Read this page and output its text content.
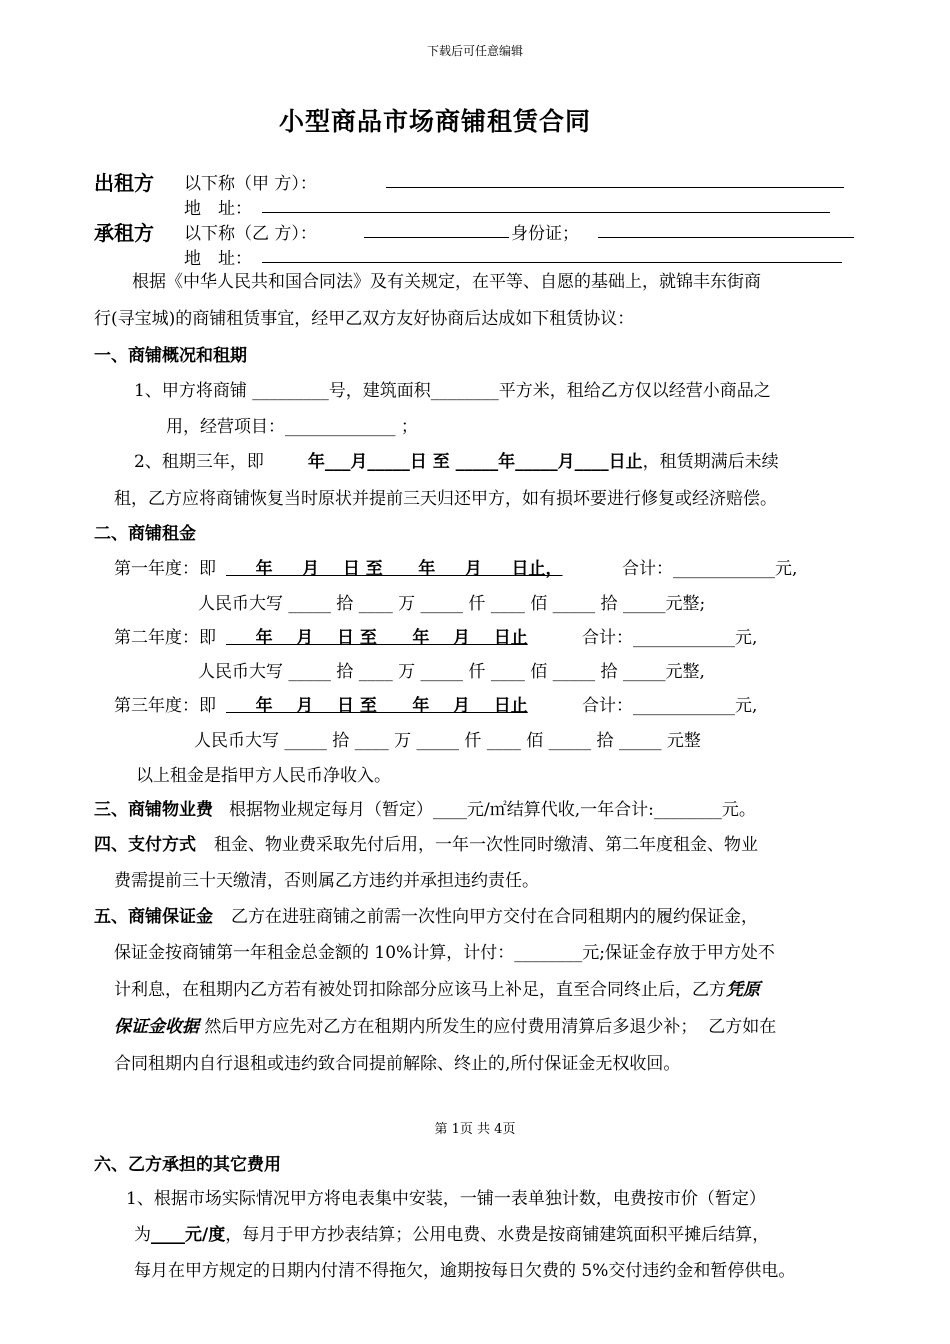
下载后可任意编辑
小型商品市场商铺租赁合同
出租方 以下称（甲 方）：
地　址：
承租方 以下称（乙 方）：	身份证；
地　址：
根据《中华人民共和国合同法》及有关规定，在平等、自愿的基础上，就锦丰东街商
行(寻宝城)的商铺租赁事宜，经甲乙双方友好协商后达成如下租赁协议：
一、商铺概况和租期
1、甲方将商铺 _________号，建筑面积________平方米，租给乙方仅以经营小商品之
用，经营项目：_____________ ；
2、租期三年，即	年___月_____日 至 _____年_____月____日止，租赁期满后未续
租，乙方应将商铺恢复当时原状并提前三天归还甲方，如有损坏要进行修复或经济赔偿。
二、商铺租金
第一年度：即 年     月    日 至      年     月     日止，	合计：____________元,
人民币大写 _____ 拾 ____ 万 _____ 仟 ____ 佰 _____ 拾 _____元整;
第二年度：即 年    月    日 至      年    月    日止	合计：____________元,
人民币大写 _____ 拾 ____ 万 _____ 仟 ____ 佰 _____ 拾 _____元整,
第三年度：即 年    月    日 至      年    月    日止	合计：____________元,
人民币大写 _____ 拾 ____ 万 _____ 仟 ____ 佰 _____ 拾 _____ 元整
以上租金是指甲方人民币净收入。
三、商铺物业费 根据物业规定每月（暂定）____元/㎡结算代收,一年合计:________元。
四、支付方式 租金、物业费采取先付后用，一年一次性同时缴清、第二年度租金、物业
费需提前三十天缴清，否则属乙方违约并承担违约责任。
五、商铺保证金 乙方在进驻商铺之前需一次性向甲方交付在合同租期内的履约保证金，
保证金按商铺第一年租金总金额的 10%计算，计付：________元;保证金存放于甲方处不
计利息，在租期内乙方若有被处罚扣除部分应该马上补足，直至合同终止后，乙方凭原
保证金收据 然后甲方应先对乙方在租期内所发生的应付费用清算后多退少补；  乙方如在
合同租期内自行退租或违约致合同提前解除、终止的,所付保证金无权收回。
第 1页 共 4页
六、乙方承担的其它费用
1、根据市场实际情况甲方将电表集中安装，一铺一表单独计数，电费按市价（暂定）
为____元/度，每月于甲方抄表结算；公用电费、水费是按商铺建筑面积平摊后结算，
每月在甲方规定的日期内付清不得拖欠，逾期按每日欠费的 5%交付违约金和暂停供电。
